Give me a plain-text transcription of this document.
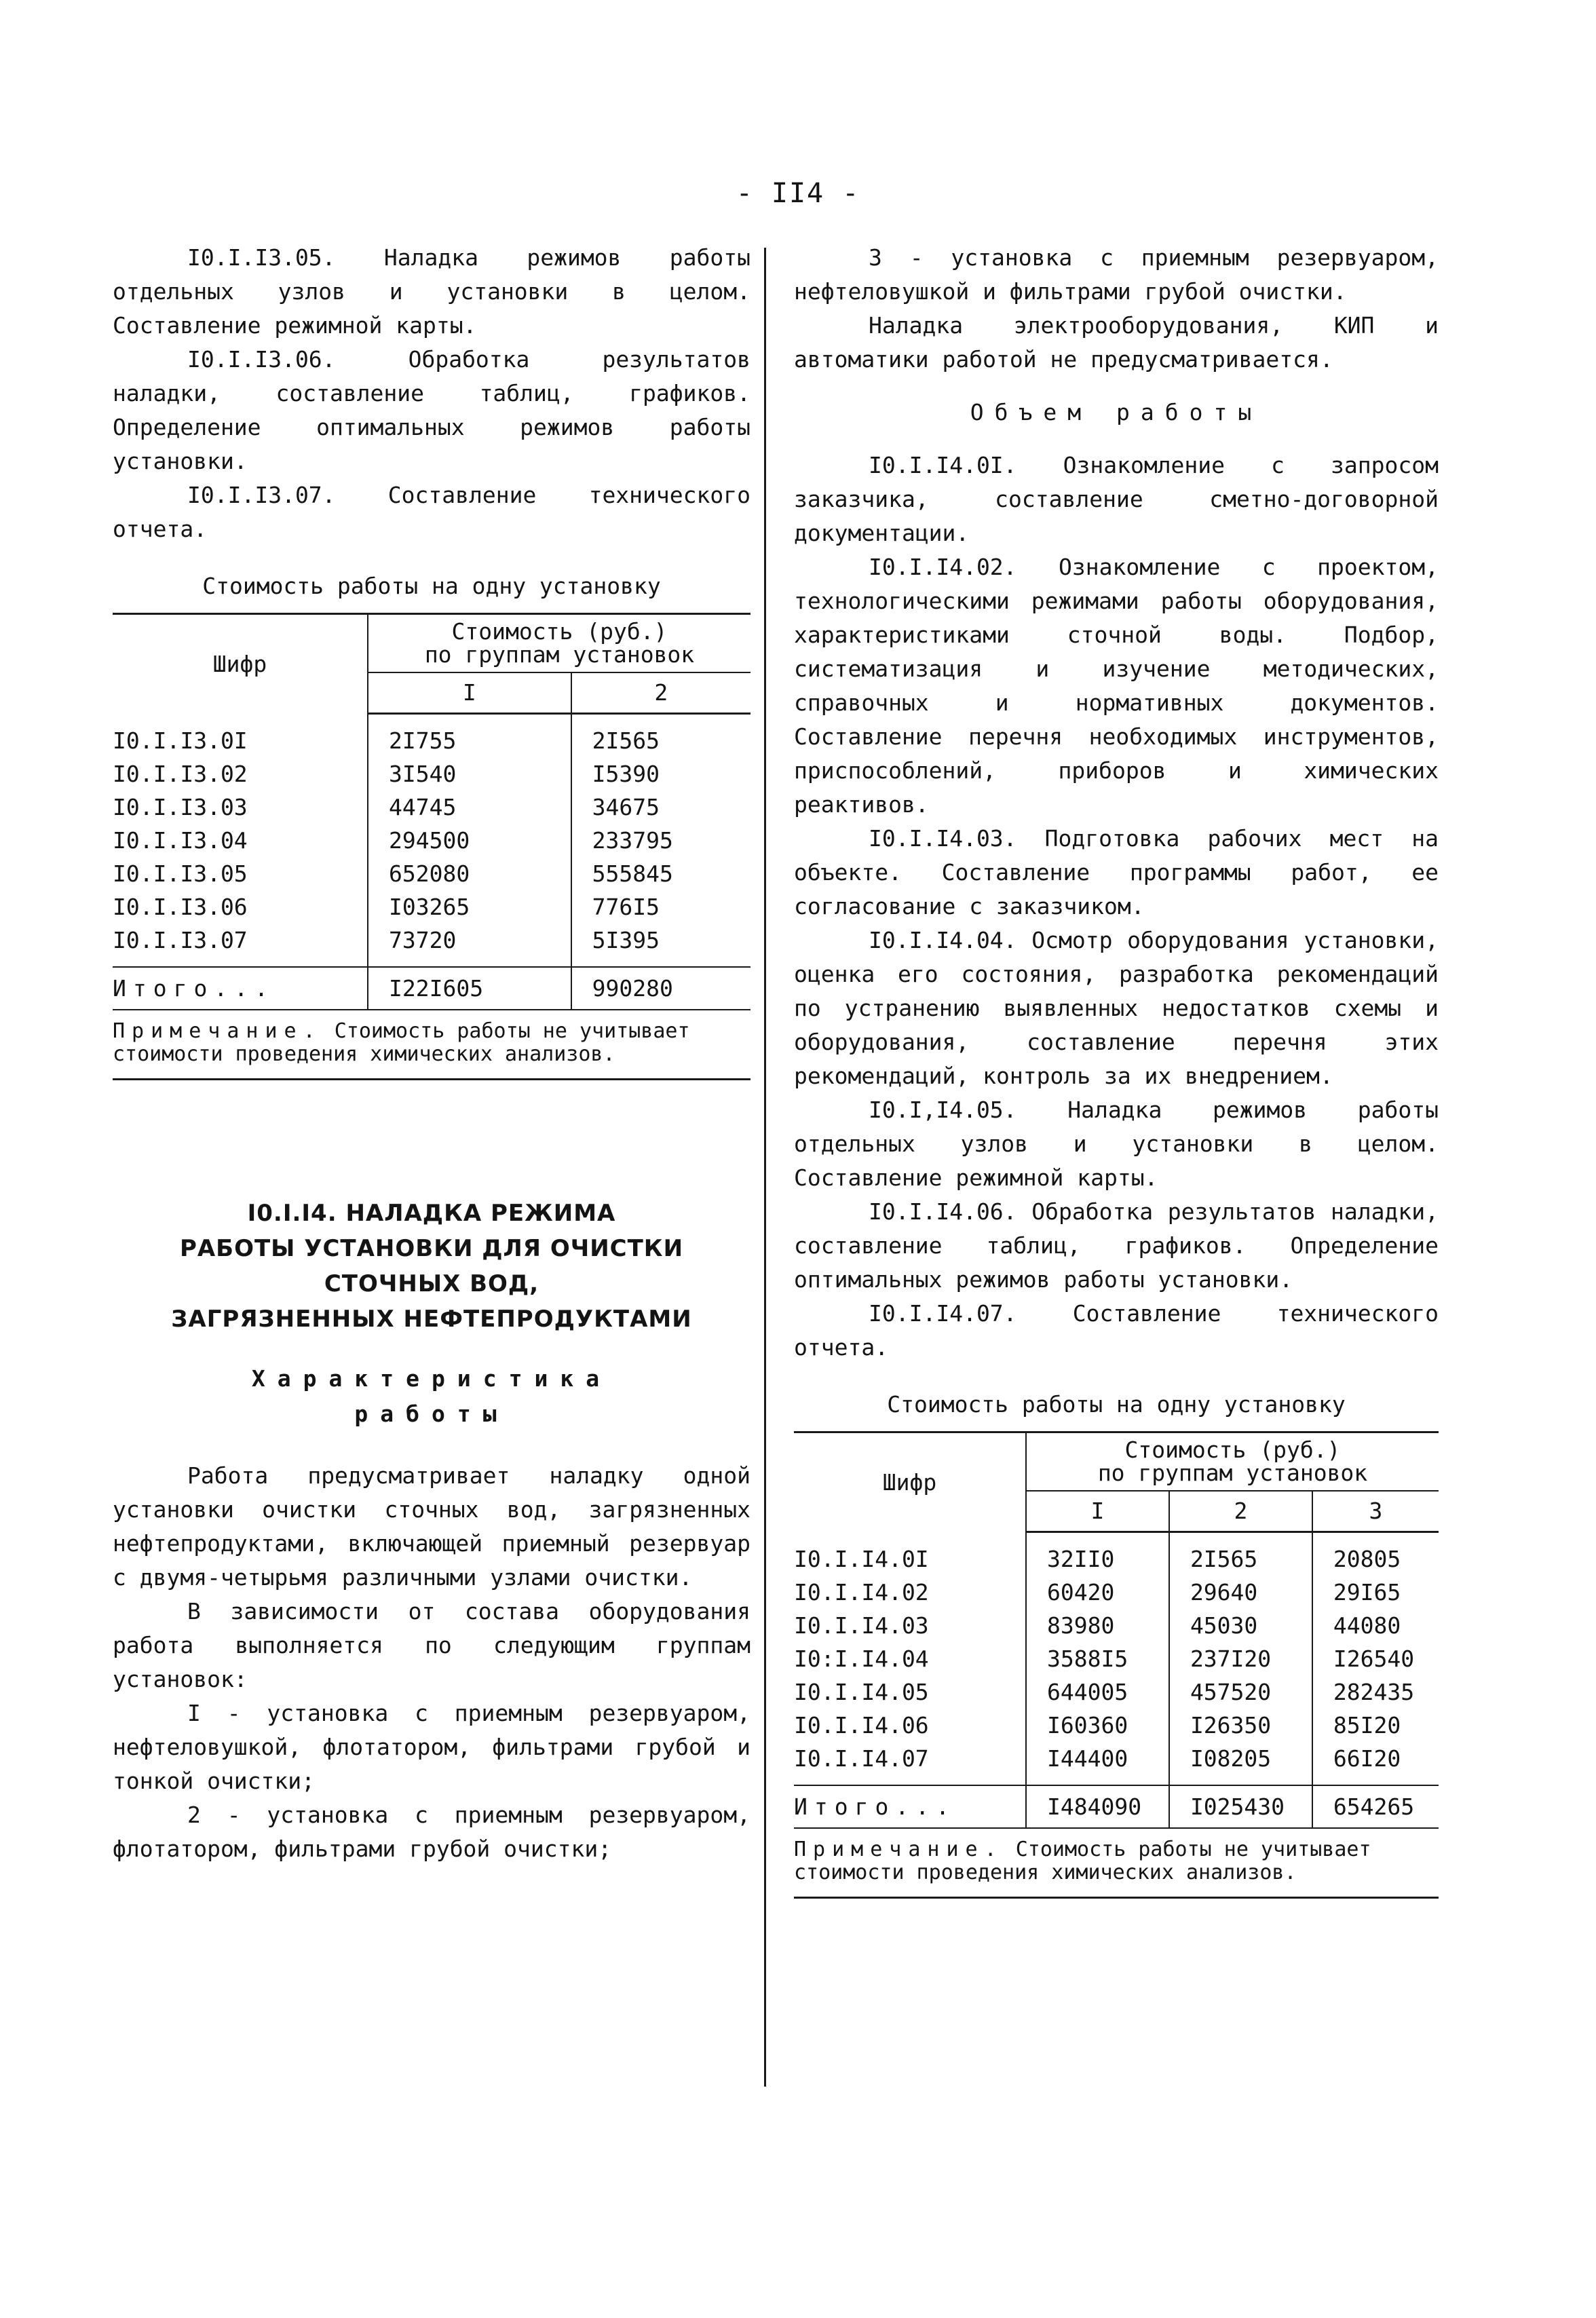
- II4 -

I0.I.I3.05. Наладка режимов работы отдельных узлов и установки в целом. Составление режимной карты.

I0.I.I3.06. Обработка результатов наладки, составление таблиц, графиков. Определение оптимальных режимов работы установки.

I0.I.I3.07. Составление технического отчета.

Стоимость работы на одну установку

Шифр	Стоимость (руб.)
по группам установок	

	I	2

I0.I.I3.0I	2I755	2I565
I0.I.I3.02	3I540	I5390
I0.I.I3.03	44745	34675
I0.I.I3.04	294500	233795
I0.I.I3.05	652080	555845
I0.I.I3.06	I03265	776I5
I0.I.I3.07	73720	5I395

Итого...	I22I605	990280
Примечание. Стоимость работы не учитывает стоимости проведения химических анализов.
I0.I.I4. НАЛАДКА РЕЖИМА
РАБОТЫ УСТАНОВКИ ДЛЯ ОЧИСТКИ
СТОЧНЫХ ВОД,
ЗАГРЯЗНЕННЫХ НЕФТЕПРОДУКТАМИ
Характеристика
работы

Работа предусматривает наладку одной установки очистки сточных вод, загрязненных нефтепродуктами, включающей приемный резервуар с двумя-четырьмя различными узлами очистки.

В зависимости от состава оборудования работа выполняется по следующим группам установок:

I - установка с приемным резервуаром, нефтеловушкой, флотатором, фильтрами грубой и тонкой очистки;

2 - установка с приемным резервуаром, флотатором, фильтрами грубой очистки;

3 - установка с приемным резервуаром, нефтеловушкой и фильтрами грубой очистки.

Наладка электрооборудования, КИП и автоматики работой не предусматривается.

Объем работы

I0.I.I4.0I. Ознакомление с запросом заказчика, составление сметно-договорной документации.

I0.I.I4.02. Ознакомление с проектом, технологическими режимами работы оборудования, характеристиками сточной воды. Подбор, систематизация и изучение методических, справочных и нормативных документов. Составление перечня необходимых инструментов, приспособлений, приборов и химических реактивов.

I0.I.I4.03. Подготовка рабочих мест на объекте. Составление программы работ, ее согласование с заказчиком.

I0.I.I4.04. Осмотр оборудования установки, оценка его состояния, разработка рекомендаций по устранению выявленных недостатков схемы и оборудования, составление перечня этих рекомендаций, контроль за их внедрением.

I0.I,I4.05. Наладка режимов работы отдельных узлов и установки в целом. Составление режимной карты.

I0.I.I4.06. Обработка результатов наладки, составление таблиц, графиков. Определение оптимальных режимов работы установки.

I0.I.I4.07. Составление технического отчета.

Стоимость работы на одну установку

Шифр	Стоимость (руб.)
по группам установок		

	I	2	3

I0.I.I4.0I	32II0	2I565	20805
I0.I.I4.02	60420	29640	29I65
I0.I.I4.03	83980	45030	44080
I0:I.I4.04	3588I5	237I20	I26540
I0.I.I4.05	644005	457520	282435
I0.I.I4.06	I60360	I26350	85I20
I0.I.I4.07	I44400	I08205	66I20

Итого...	I484090	I025430	654265
Примечание. Стоимость работы не учитывает стоимости проведения химических анализов.
